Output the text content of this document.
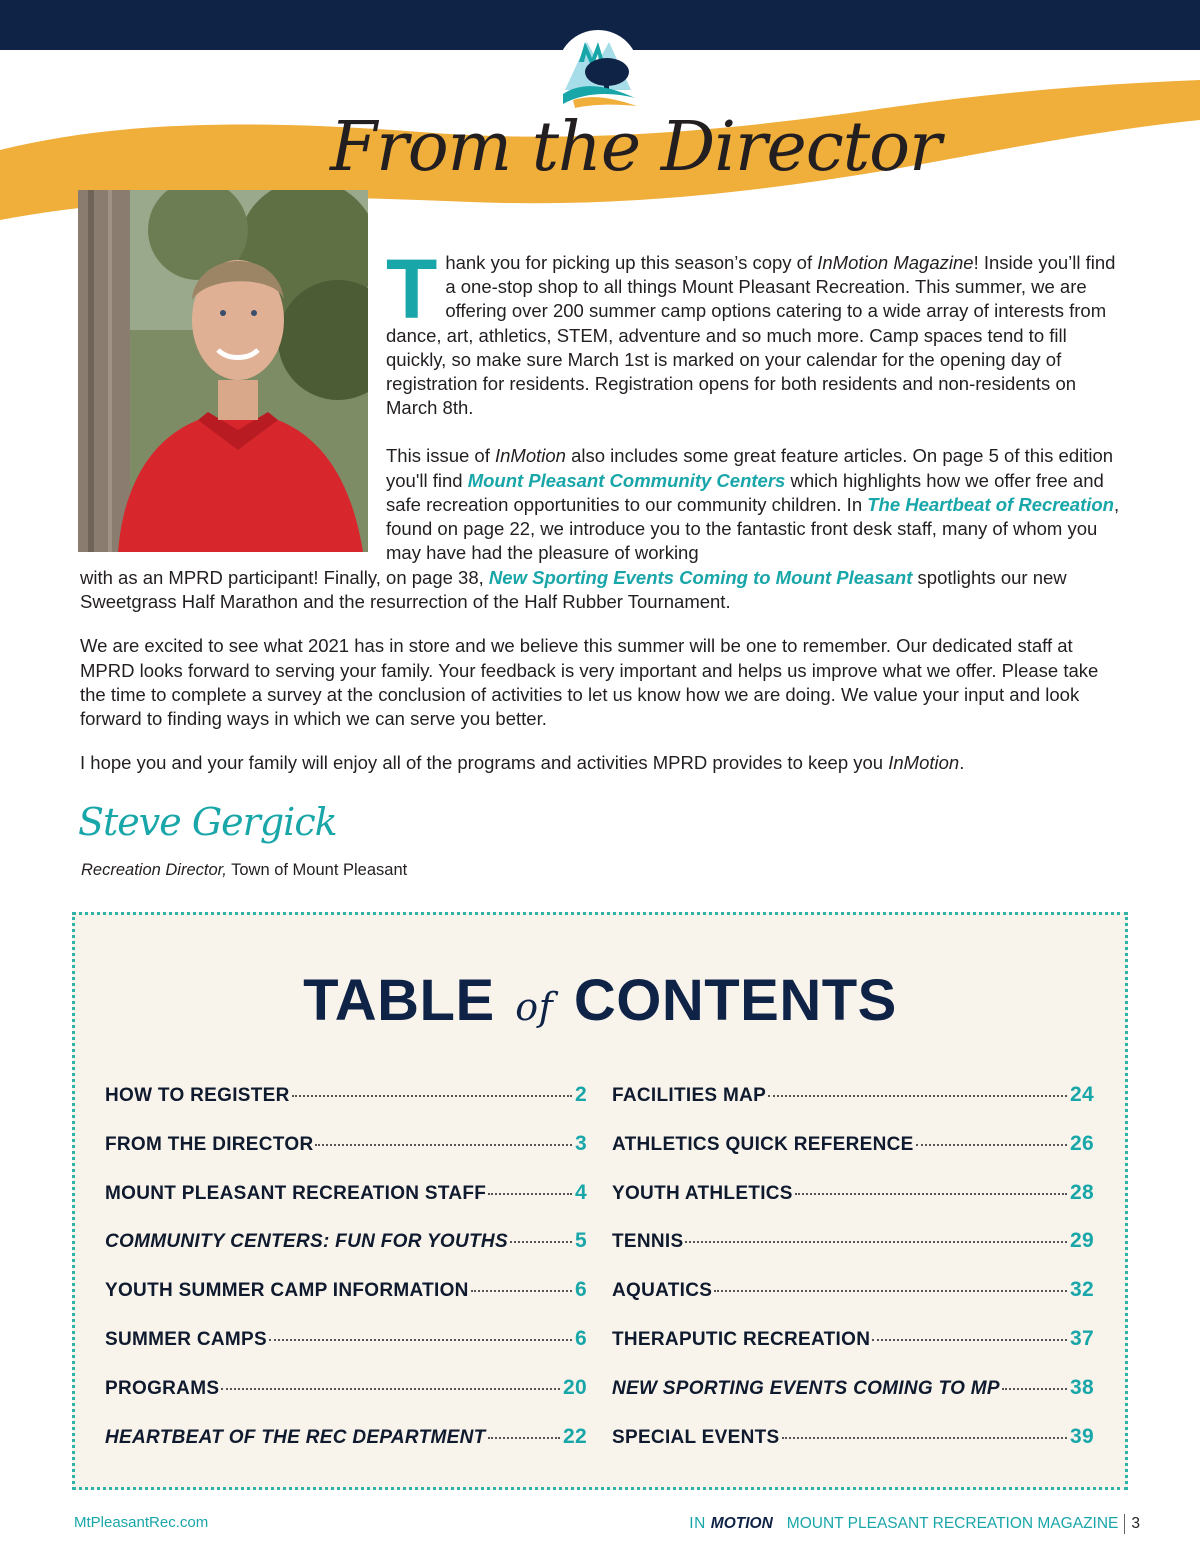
From the Director

Thank you for picking up this season’s copy of InMotion Magazine! Inside you’ll find a one-stop shop to all things Mount Pleasant Recreation. This summer, we are offering over 200 summer camp options catering to a wide array of interests from dance, art, athletics, STEM, adventure and so much more. Camp spaces tend to fill quickly, so make sure March 1st is marked on your calendar for the opening day of registration for residents. Registration opens for both residents and non-residents on March 8th.

This issue of InMotion also includes some great feature articles. On page 5 of this edition you'll find Mount Pleasant Community Centers which highlights how we offer free and safe recreation opportunities to our community children. In The Heartbeat of Recreation, found on page 22, we introduce you to the fantastic front desk staff, many of whom you may have had the pleasure of working

with as an MPRD participant! Finally, on page 38, New Sporting Events Coming to Mount Pleasant spotlights our new Sweetgrass Half Marathon and the resurrection of the Half Rubber Tournament.

We are excited to see what 2021 has in store and we believe this summer will be one to remember. Our dedicated staff at MPRD looks forward to serving your family. Your feedback is very important and helps us improve what we offer. Please take the time to complete a survey at the conclusion of activities to let us know how we are doing. We value your input and look forward to finding ways in which we can serve you better.

I hope you and your family will enjoy all of the programs and activities MPRD provides to keep you InMotion.

Steve Gergick
Recreation Director, Town of Mount Pleasant
TABLE of CONTENTS
HOW TO REGISTER	2
FROM THE DIRECTOR	3
MOUNT PLEASANT RECREATION STAFF	4
COMMUNITY CENTERS: FUN FOR YOUTHS	5
YOUTH SUMMER CAMP INFORMATION	6
SUMMER CAMPS	6
PROGRAMS	20
HEARTBEAT OF THE REC DEPARTMENT	22
FACILITIES MAP	24
ATHLETICS QUICK REFERENCE	26
YOUTH ATHLETICS	28
TENNIS	29
AQUATICS	32
THERAPUTIC RECREATION	37
NEW SPORTING EVENTS COMING TO MP	38
SPECIAL EVENTS	39
MtPleasantRec.com	IN MOTION MOUNT PLEASANT RECREATION MAGAZINE 3
